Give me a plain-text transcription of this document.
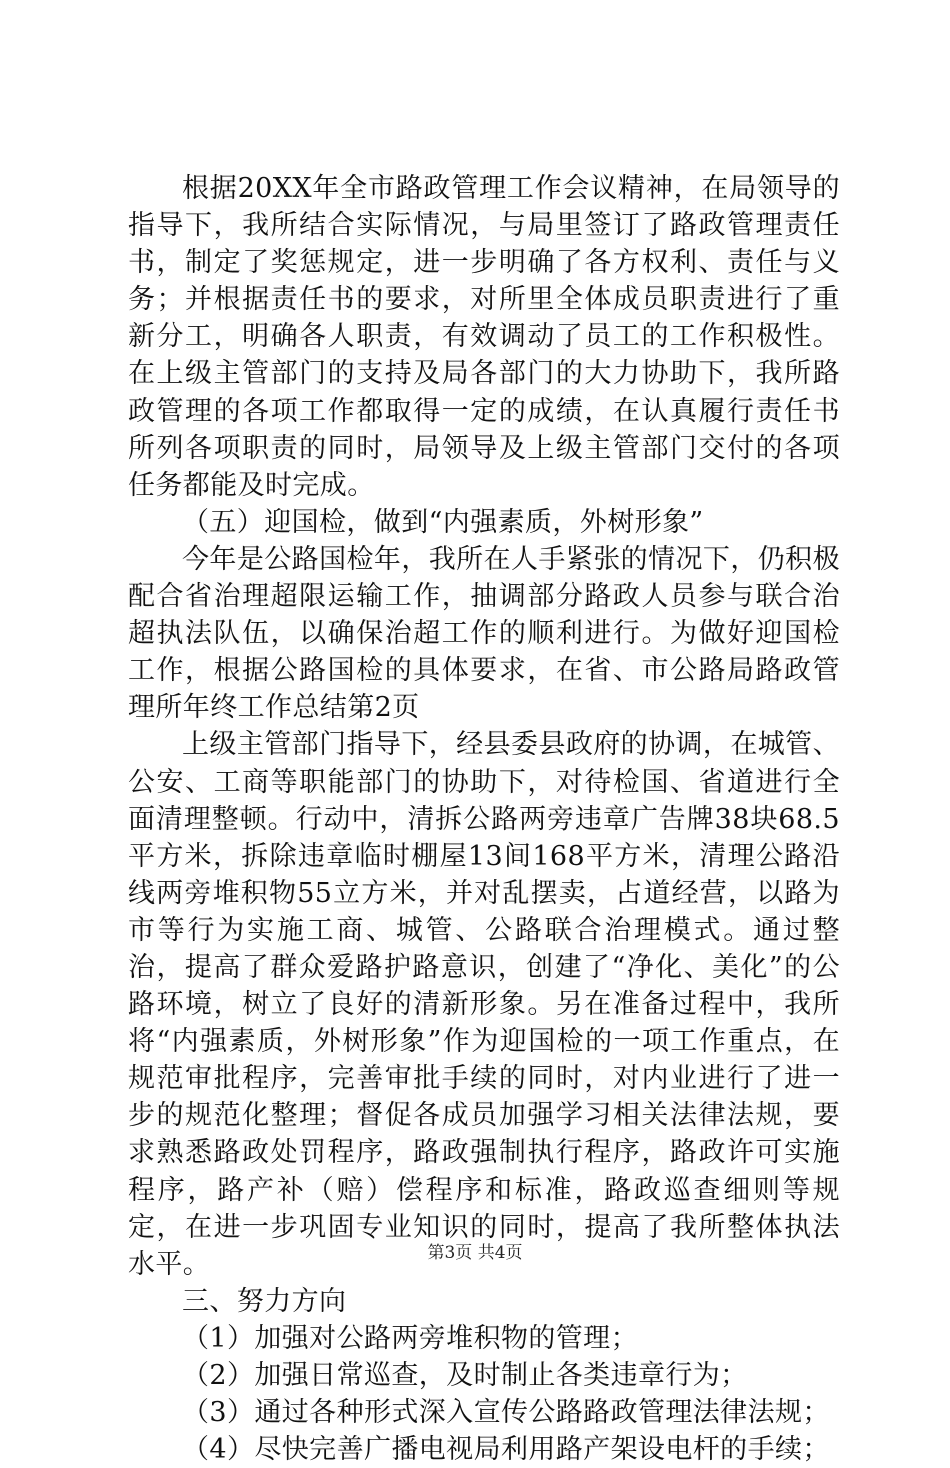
根据20XX年全市路政管理工作会议精神，在局领导的指导下，我所结合实际情况，与局里签订了路政管理责任书，制定了奖惩规定，进一步明确了各方权利、责任与义务；并根据责任书的要求，对所里全体成员职责进行了重新分工，明确各人职责，有效调动了员工的工作积极性。在上级主管部门的支持及局各部门的大力协助下，我所路政管理的各项工作都取得一定的成绩，在认真履行责任书所列各项职责的同时，局领导及上级主管部门交付的各项任务都能及时完成。

（五）迎国检，做到“内强素质，外树形象”

今年是公路国检年，我所在人手紧张的情况下，仍积极配合省治理超限运输工作，抽调部分路政人员参与联合治超执法队伍，以确保治超工作的顺利进行。为做好迎国检工作，根据公路国检的具体要求，在省、市公路局路政管理所年终工作总结第2页

上级主管部门指导下，经县委县政府的协调，在城管、公安、工商等职能部门的协助下，对待检国、省道进行全面清理整顿。行动中，清拆公路两旁违章广告牌38块68.5平方米，拆除违章临时棚屋13间168平方米，清理公路沿线两旁堆积物55立方米，并对乱摆卖，占道经营，以路为市等行为实施工商、城管、公路联合治理模式。通过整治，提高了群众爱路护路意识，创建了“净化、美化”的公路环境，树立了良好的清新形象。另在准备过程中，我所将“内强素质，外树形象”作为迎国检的一项工作重点，在规范审批程序，完善审批手续的同时，对内业进行了进一步的规范化整理；督促各成员加强学习相关法律法规，要求熟悉路政处罚程序，路政强制执行程序，路政许可实施程序，路产补（赔）偿程序和标准，路政巡查细则等规定，在进一步巩固专业知识的同时，提高了我所整体执法水平。

三、努力方向

（1）加强对公路两旁堆积物的管理；

（2）加强日常巡查，及时制止各类违章行为；

（3）通过各种形式深入宣传公路路政管理法律法规；

（4）尽快完善广播电视局利用路产架设电杆的手续；

第3页 共4页
